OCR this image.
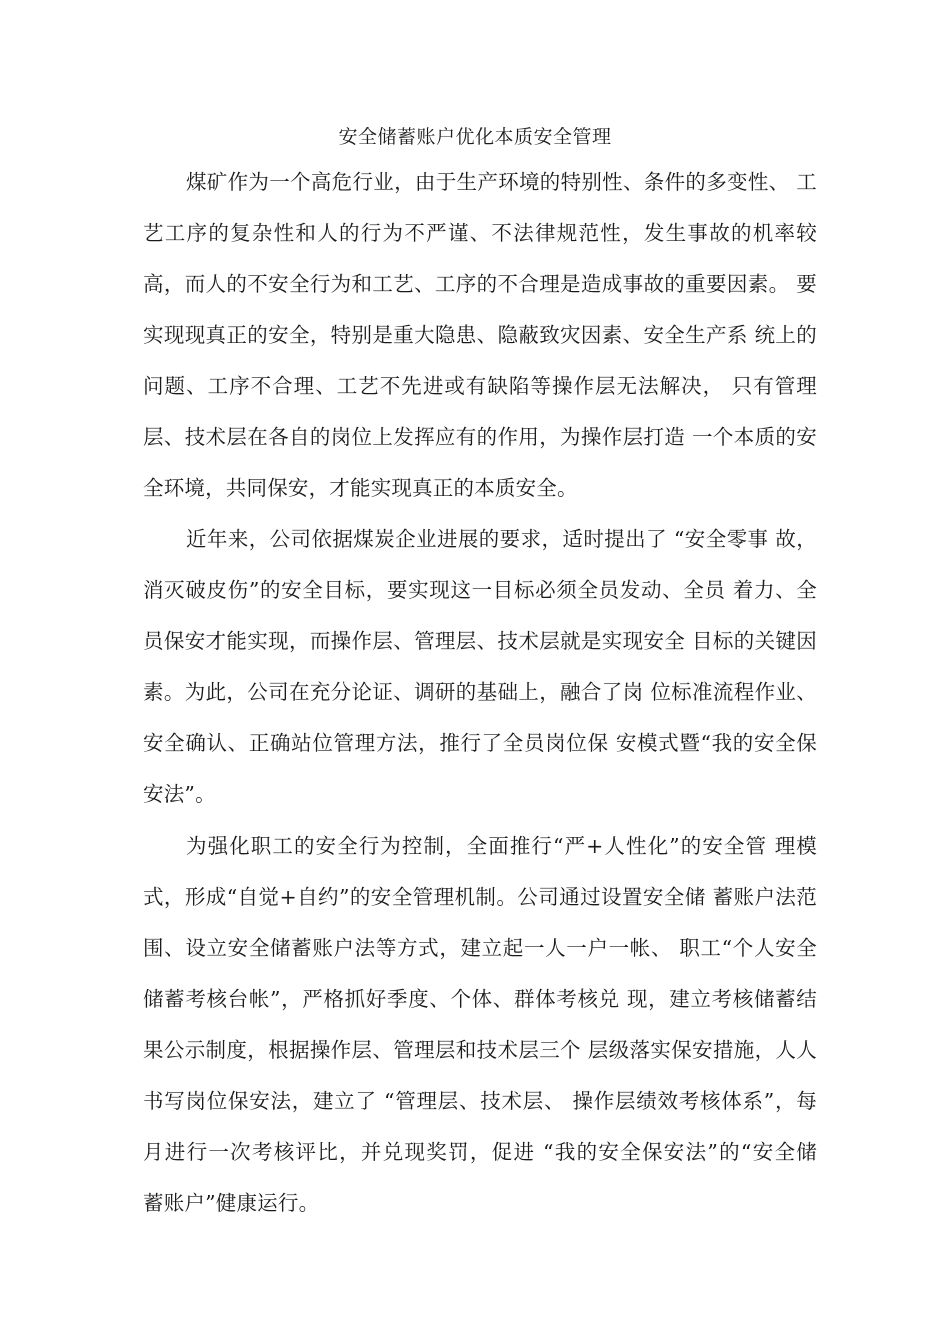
安全储蓄账户优化本质安全管理
煤矿作为一个高危行业，由于生产环境的特别性、条件的多变性、 工
艺工序的复杂性和人的行为不严谨、不法律规范性，发生事故的机率较
高，而人的不安全行为和工艺、工序的不合理是造成事故的重要因素。 要
实现现真正的安全，特别是重大隐患、隐蔽致灾因素、安全生产系 统上的
问题、工序不合理、工艺不先进或有缺陷等操作层无法解决， 只有管理
层、技术层在各自的岗位上发挥应有的作用，为操作层打造 一个本质的安
全环境，共同保安，才能实现真正的本质安全。
近年来，公司依据煤炭企业进展的要求，适时提出了 “安全零事 故，
消灭破皮伤”的安全目标，要实现这一目标必须全员发动、全员 着力、全
员保安才能实现，而操作层、管理层、技术层就是实现安全 目标的关键因
素。为此，公司在充分论证、调研的基础上，融合了岗 位标准流程作业、
安全确认、正确站位管理方法，推行了全员岗位保 安模式暨“我的安全保
安法”。
为强化职工的安全行为控制，全面推行“严+人性化”的安全管 理模
式，形成“自觉+自约”的安全管理机制。公司通过设置安全储 蓄账户法范
围、设立安全储蓄账户法等方式，建立起一人一户一帐、 职工“个人安全
储蓄考核台帐”，严格抓好季度、个体、群体考核兑 现，建立考核储蓄结
果公示制度，根据操作层、管理层和技术层三个 层级落实保安措施，人人
书写岗位保安法，建立了 “管理层、技术层、 操作层绩效考核体系”，每
月进行一次考核评比，并兑现奖罚，促进 “我的安全保安法”的“安全储
蓄账户”健康运行。
